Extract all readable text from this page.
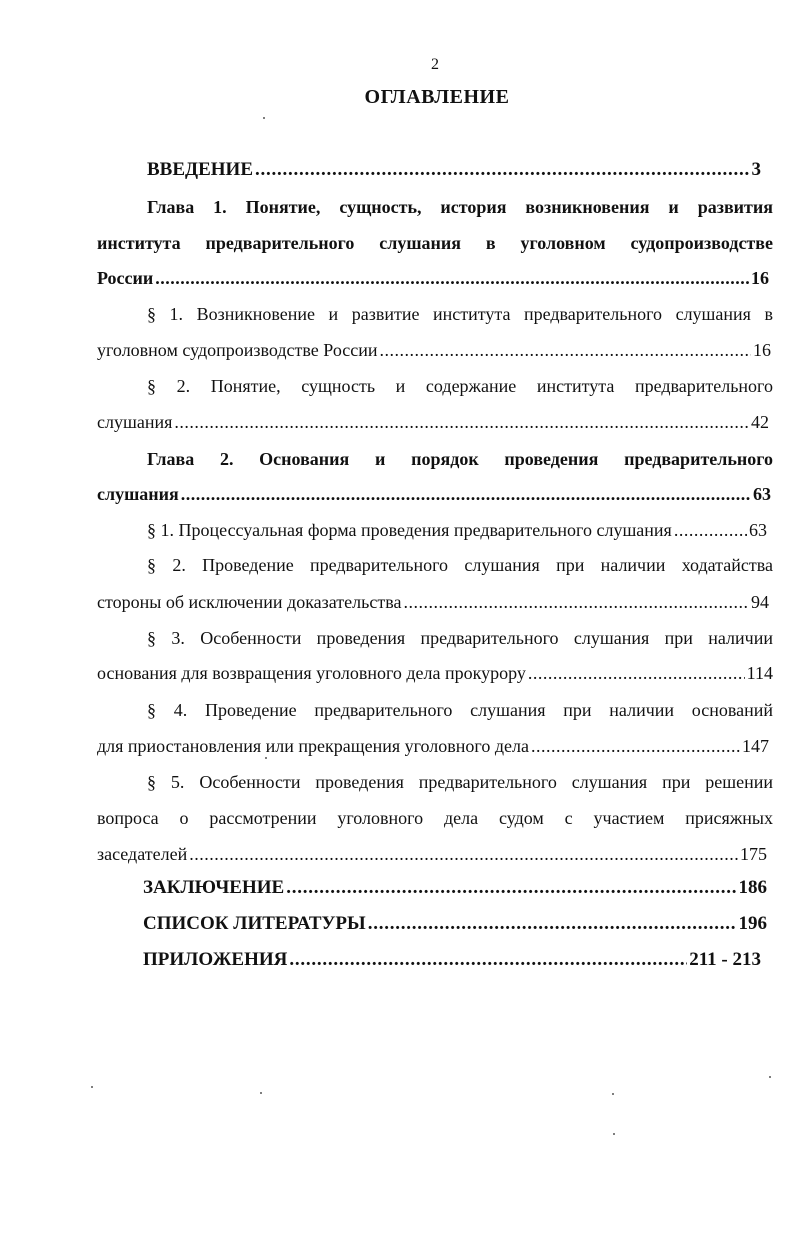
2
ОГЛАВЛЕНИЕ
ВВЕДЕНИЕ . . .	3
Глава 1. Понятие, сущность, история возникновения и развития
института предварительного слушания в уголовном судопроизводстве
России . . .	16
§ 1. Возникновение и развитие института предварительного слушания в
уголовном судопроизводстве России . . .	16
§ 2. Понятие, сущность и содержание института предварительного
слушания . . .	42
Глава 2. Основания и порядок проведения предварительного
слушания . . .	63
§ 1. Процессуальная форма проведения предварительного слушания . . .	63
§ 2. Проведение предварительного слушания при наличии ходатайства
стороны об исключении доказательства . . .	94
§ 3. Особенности проведения предварительного слушания при наличии
основания для возвращения уголовного дела прокурору . . .	114
§ 4. Проведение предварительного слушания при наличии оснований
для приостановления или прекращения уголовного дела . . .	147
§ 5. Особенности проведения предварительного слушания при решении
вопроса о рассмотрении уголовного дела судом с участием присяжных
заседателей . . .	175
ЗАКЛЮЧЕНИЕ . . .	186
СПИСОК ЛИТЕРАТУРЫ . . .	196
ПРИЛОЖЕНИЯ . . .	211 - 213
